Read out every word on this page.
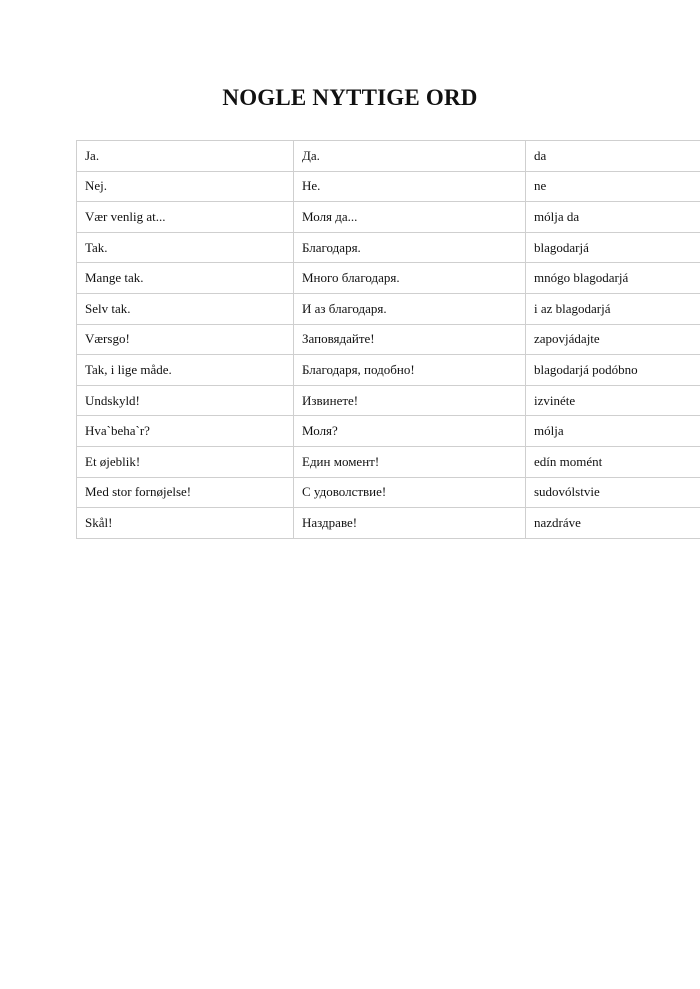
NOGLE NYTTIGE ORD
Ja.	Да.	da
Nej.	Не.	ne
Vær venlig at...	Моля да...	mólja da
Tak.	Благодаря.	blagodarjá
Mange tak.	Много благодаря.	mnógo blagodarjá
Selv tak.	И аз благодаря.	i az blagodarjá
Værsgo!	Заповядайте!	zapovjádajte
Tak, i lige måde.	Благодаря, подобно!	blagodarjá podóbno
Undskyld!	Извинете!	izvinéte
Hva`beha`r?	Моля?	mólja
Et øjeblik!	Един момент!	edín momént
Med stor fornøjelse!	С удоволствие!	sudovólstvie
Skål!	Наздраве!	nazdráve
